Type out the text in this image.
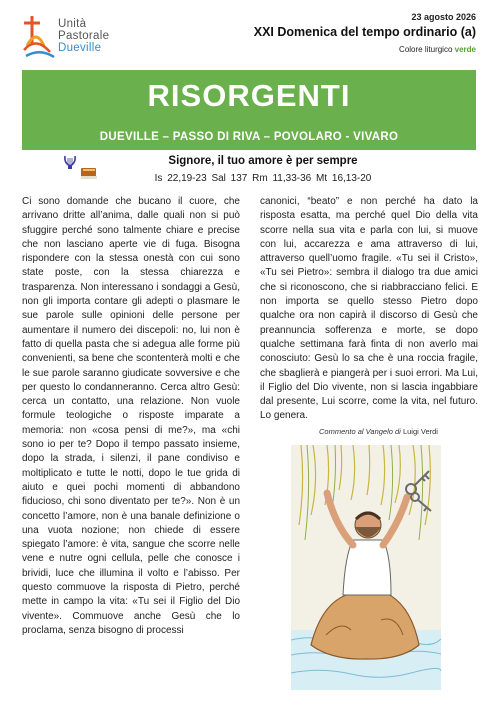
Unità
Pastorale
Dueville
23 agosto 2026
XXI Domenica del tempo ordinario (a)
Colore liturgico verde
RISORGENTI
DUEVILLE – PASSO DI RIVA – POVOLARO - VIVARO
Signore, il tuo amore è per sempre
Is 22,19-23 Sal 137 Rm 11,33-36 Mt 16,13-20
Ci sono domande che bucano il cuore, che arrivano dritte all’anima, dalle quali non si può sfuggire perché sono talmente chiare e precise che non lasciano aperte vie di fuga. Bisogna rispondere con la stessa onestà con cui sono state poste, con la stessa chiarezza e trasparenza. Non interessano i sondaggi a Gesù, non gli importa contare gli adepti o plasmare le sue parole sulle opinioni delle persone per aumentare il numero dei discepoli: no, lui non è fatto di quella pasta che si adegua alle forme più convenienti, sa bene che scontenterà molti e che le sue parole saranno giudicate sovversive e che per questo lo condanneranno. Cerca altro Gesù: cerca un contatto, una relazione. Non vuole formule teologiche o risposte imparate a memoria: non «cosa pensi di me?», ma «chi sono io per te? Dopo il tempo passato insieme, dopo la strada, i silenzi, il pane condiviso e moltiplicato e tutte le notti, dopo le tue grida di aiuto e quei pochi momenti di abbandono fiducioso, chi sono diventato per te?». Non è un concetto l’amore, non è una banale definizione o una vuota nozione; non chiede di essere spiegato l’amore: è vita, sangue che scorre nelle vene e nutre ogni cellula, pelle che conosce i brividi, luce che illumina il volto e l’abisso. Per questo commuove la risposta di Pietro, perché mette in campo la vita: «Tu sei il Figlio del Dio vivente». Commuove anche Gesù che lo proclama, senza bisogno di processi
canonici, “beato” e non perché ha dato la risposta esatta, ma perché quel Dio della vita scorre nella sua vita e parla con lui, si muove con lui, accarezza e ama attraverso di lui, attraverso quell’uomo fragile. «Tu sei il Cristo», «Tu sei Pietro»: sembra il dialogo tra due amici che si riconoscono, che si riabbracciano felici. E non importa se quello stesso Pietro dopo qualche ora non capirà il discorso di Gesù che preannuncia sofferenza e morte, se dopo qualche settimana farà finta di non averlo mai conosciuto: Gesù lo sa che è una roccia fragile, che sbaglierà e piangerà per i suoi errori. Ma Lui, il Figlio del Dio vivente, non si lascia ingabbiare dal presente, Lui scorre, come la vita, nel futuro. Lo genera.
Commento al Vangelo di Luigi Verdi
